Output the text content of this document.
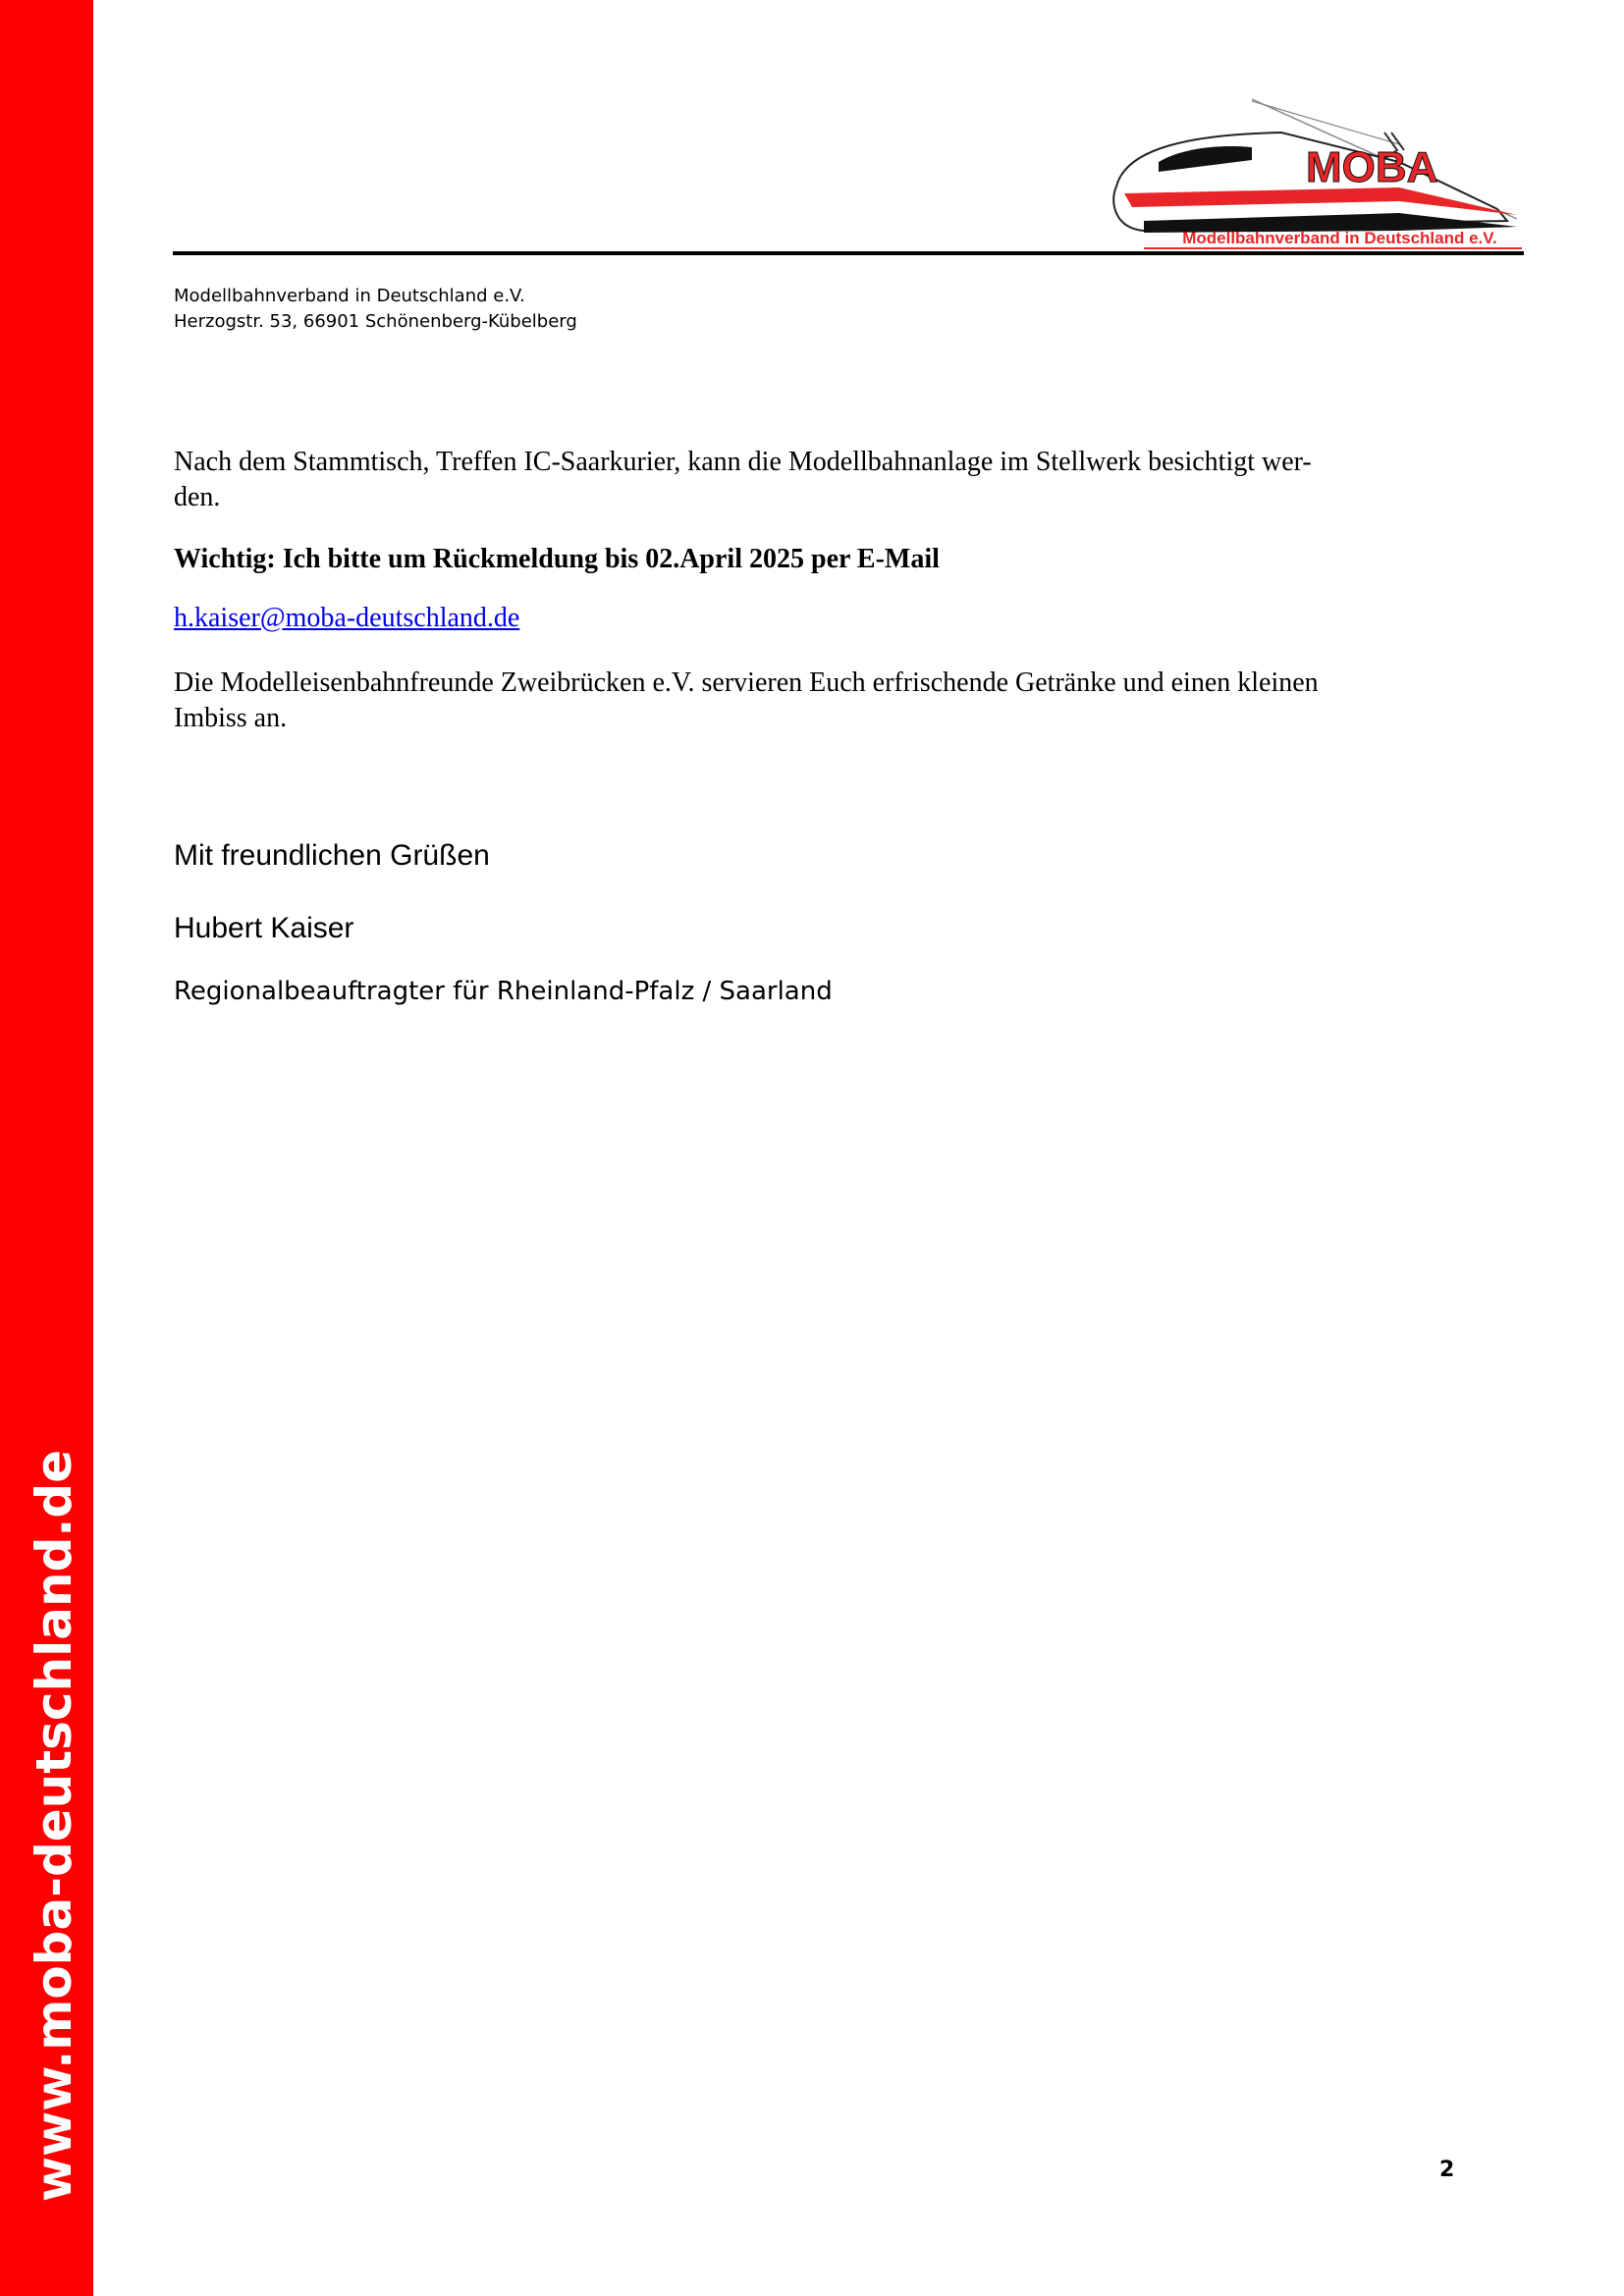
www.moba-deutschland.de
MOBA
Modellbahnverband in Deutschland e.V.
Modellbahnverband in Deutschland e.V.
Herzogstr. 53, 66901 Schönenberg-Kübelberg
Nach dem Stammtisch, Treffen IC-Saarkurier, kann die Modellbahnanlage im Stellwerk besichtigt wer-
den.
Wichtig: Ich bitte um Rückmeldung bis 02.April 2025 per E-Mail
h.kaiser@moba-deutschland.de
Die Modelleisenbahnfreunde Zweibrücken e.V. servieren Euch erfrischende Getränke und einen kleinen
Imbiss an.
Mit freundlichen Grüßen
Hubert Kaiser
Regionalbeauftragter für Rheinland-Pfalz / Saarland
2
